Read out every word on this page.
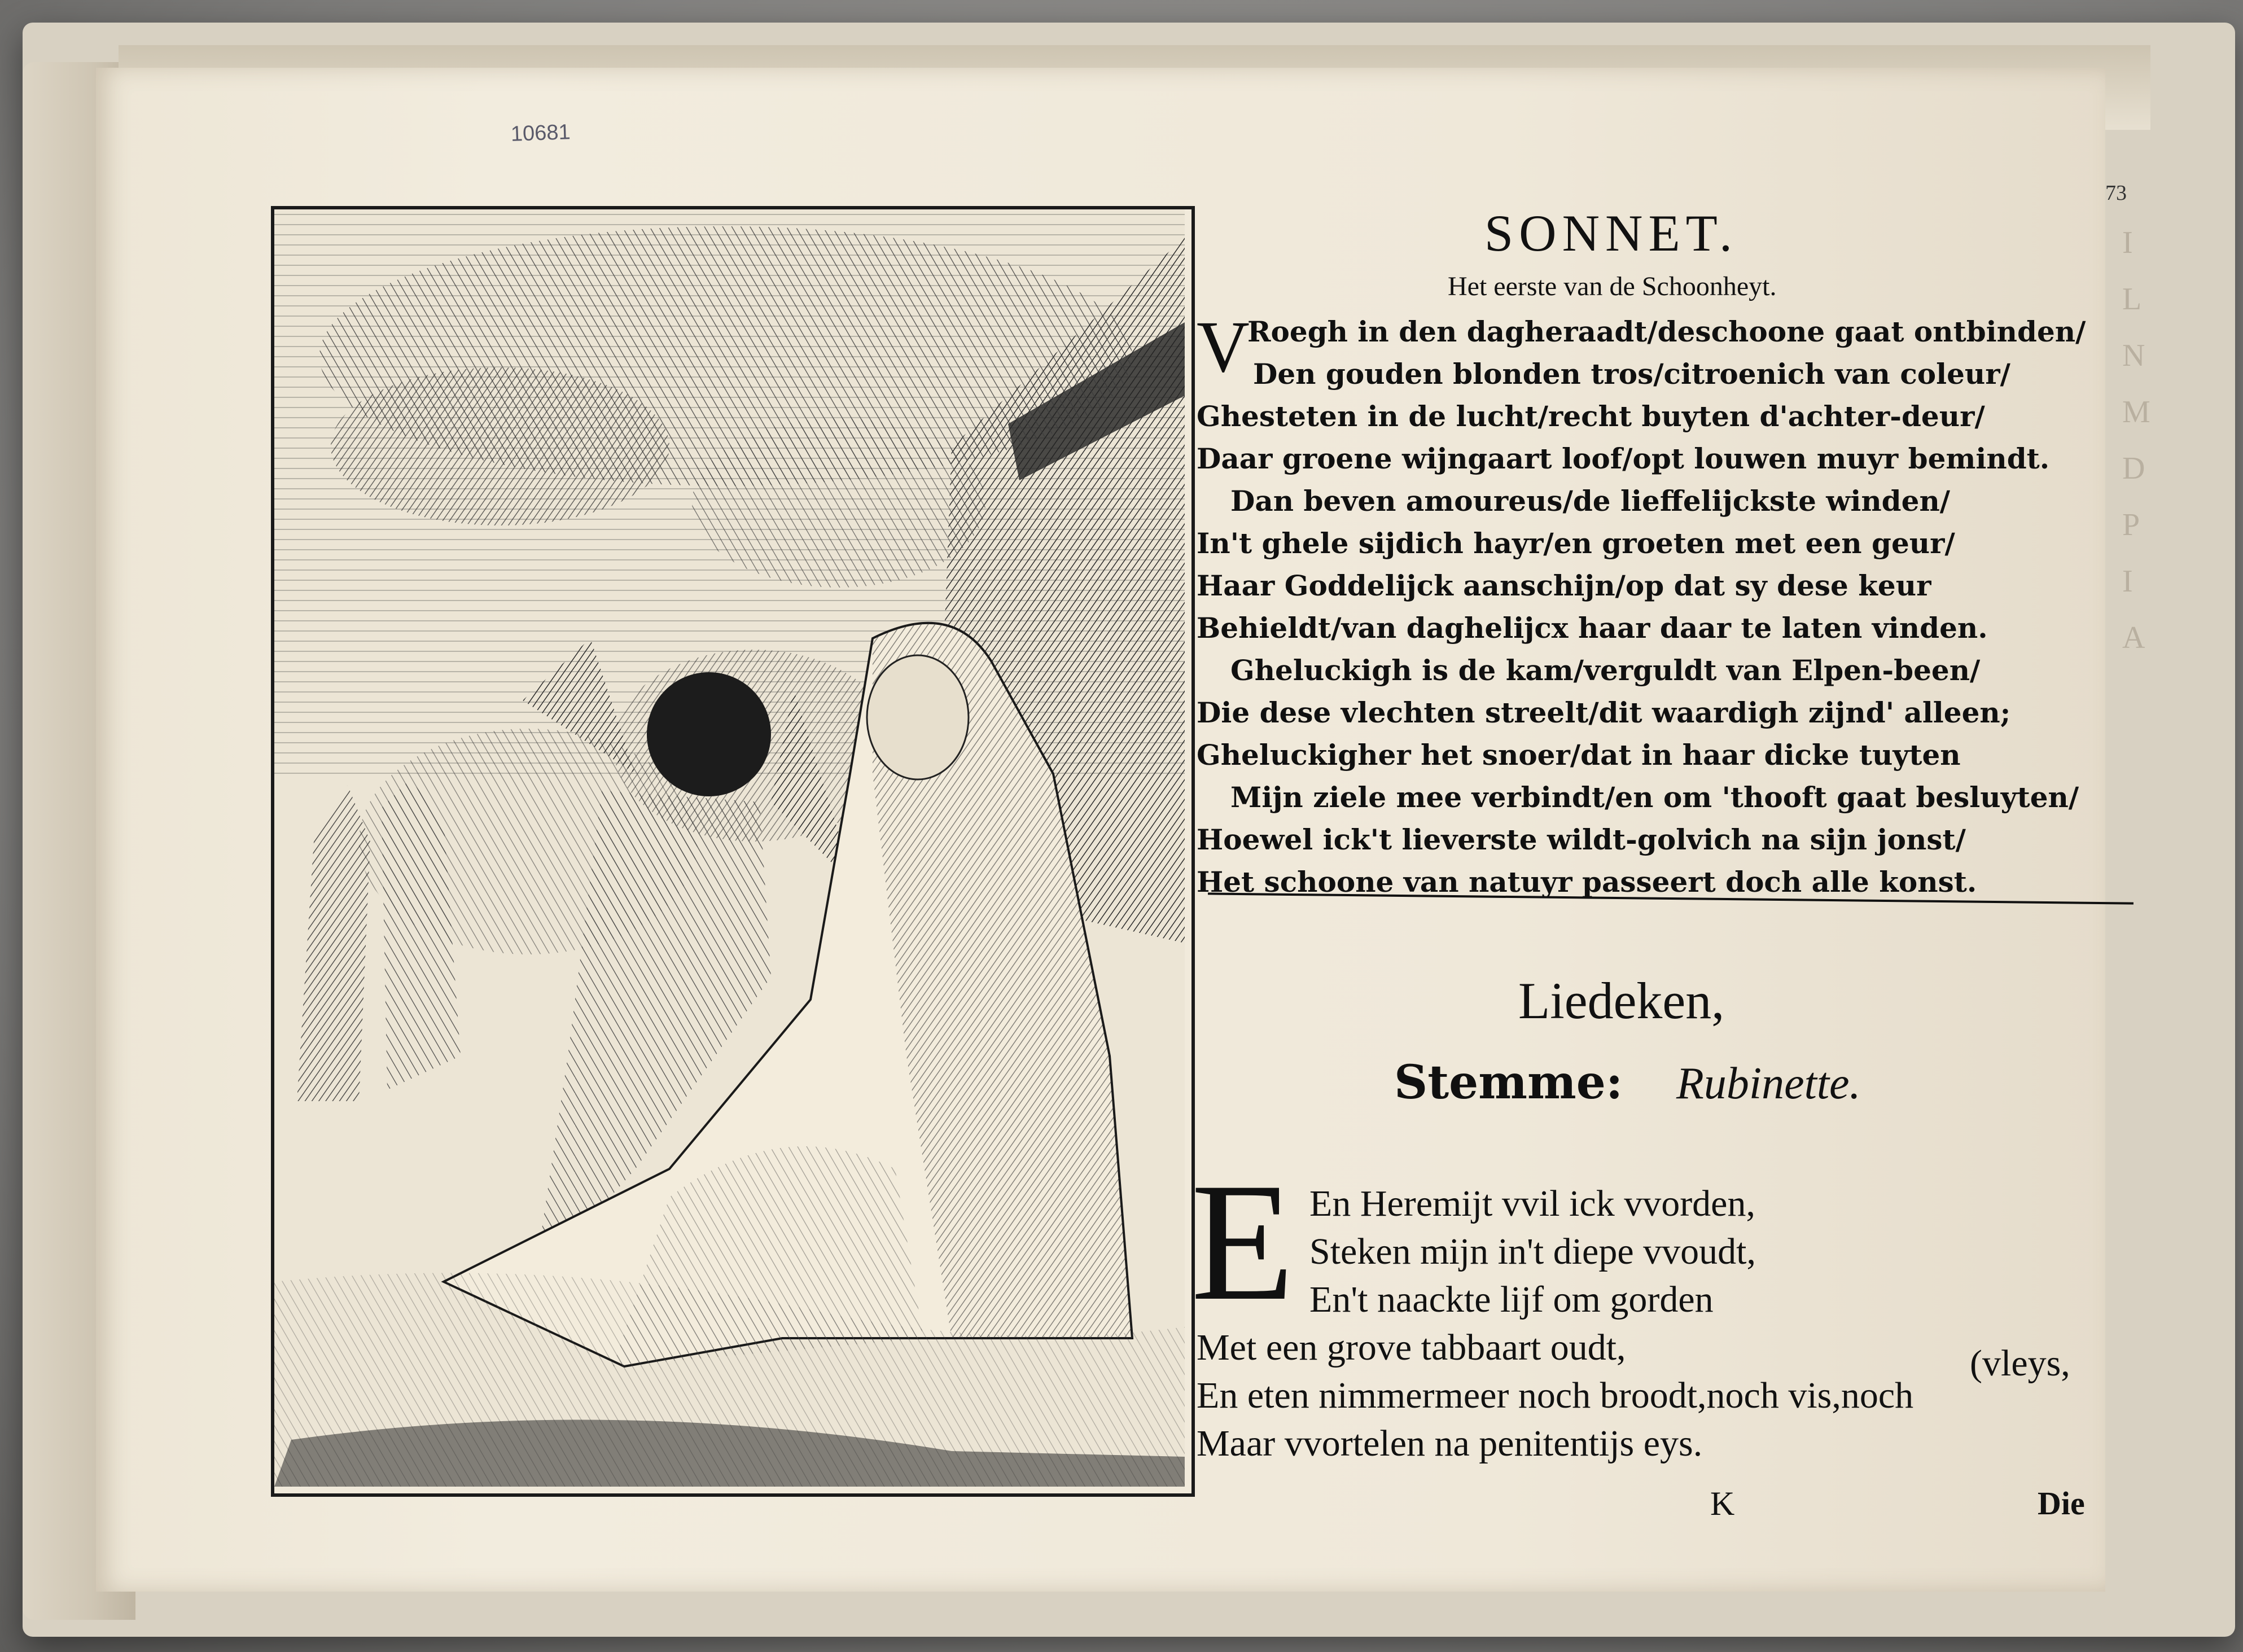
10681
73
I
L
N
M
D
P
I
A
SONNET.
Het eerste van de Schoonheyt.
V
Roegh in den dagheraadt/deschoone gaat ontbinden/
Den gouden blonden tros/citroenich van coleur/
Ghesteten in de lucht/recht buyten d'achter-deur/
Daar groene wijngaart loof/opt louwen muyr bemindt.
Dan beven amoureus/de lieffelijckste winden/
In't ghele sijdich hayr/en groeten met een geur/
Haar Goddelijck aanschijn/op dat sy dese keur
Behieldt/van daghelijcx haar daar te laten vinden.
Gheluckigh is de kam/verguldt van Elpen-been/
Die dese vlechten streelt/dit waardigh zijnd' alleen;
Gheluckigher het snoer/dat in haar dicke tuyten
Mijn ziele mee verbindt/en om 'thooft gaat besluyten/
Hoewel ick't lieverste wildt-golvich na sijn jonst/
Het schoone van natuyr passeert doch alle konst.
Liedeken,
Stemme: Rubinette.
E En Heremijt vvil ick vvorden,
Steken mijn in't diepe vvoudt,
En't naackte lijf om gorden
Met een grove tabbaart oudt,
En eten nimmermeer noch broodt,noch vis,noch
Maar vvortelen na penitentijs eys.
(vleys,
K	Die
